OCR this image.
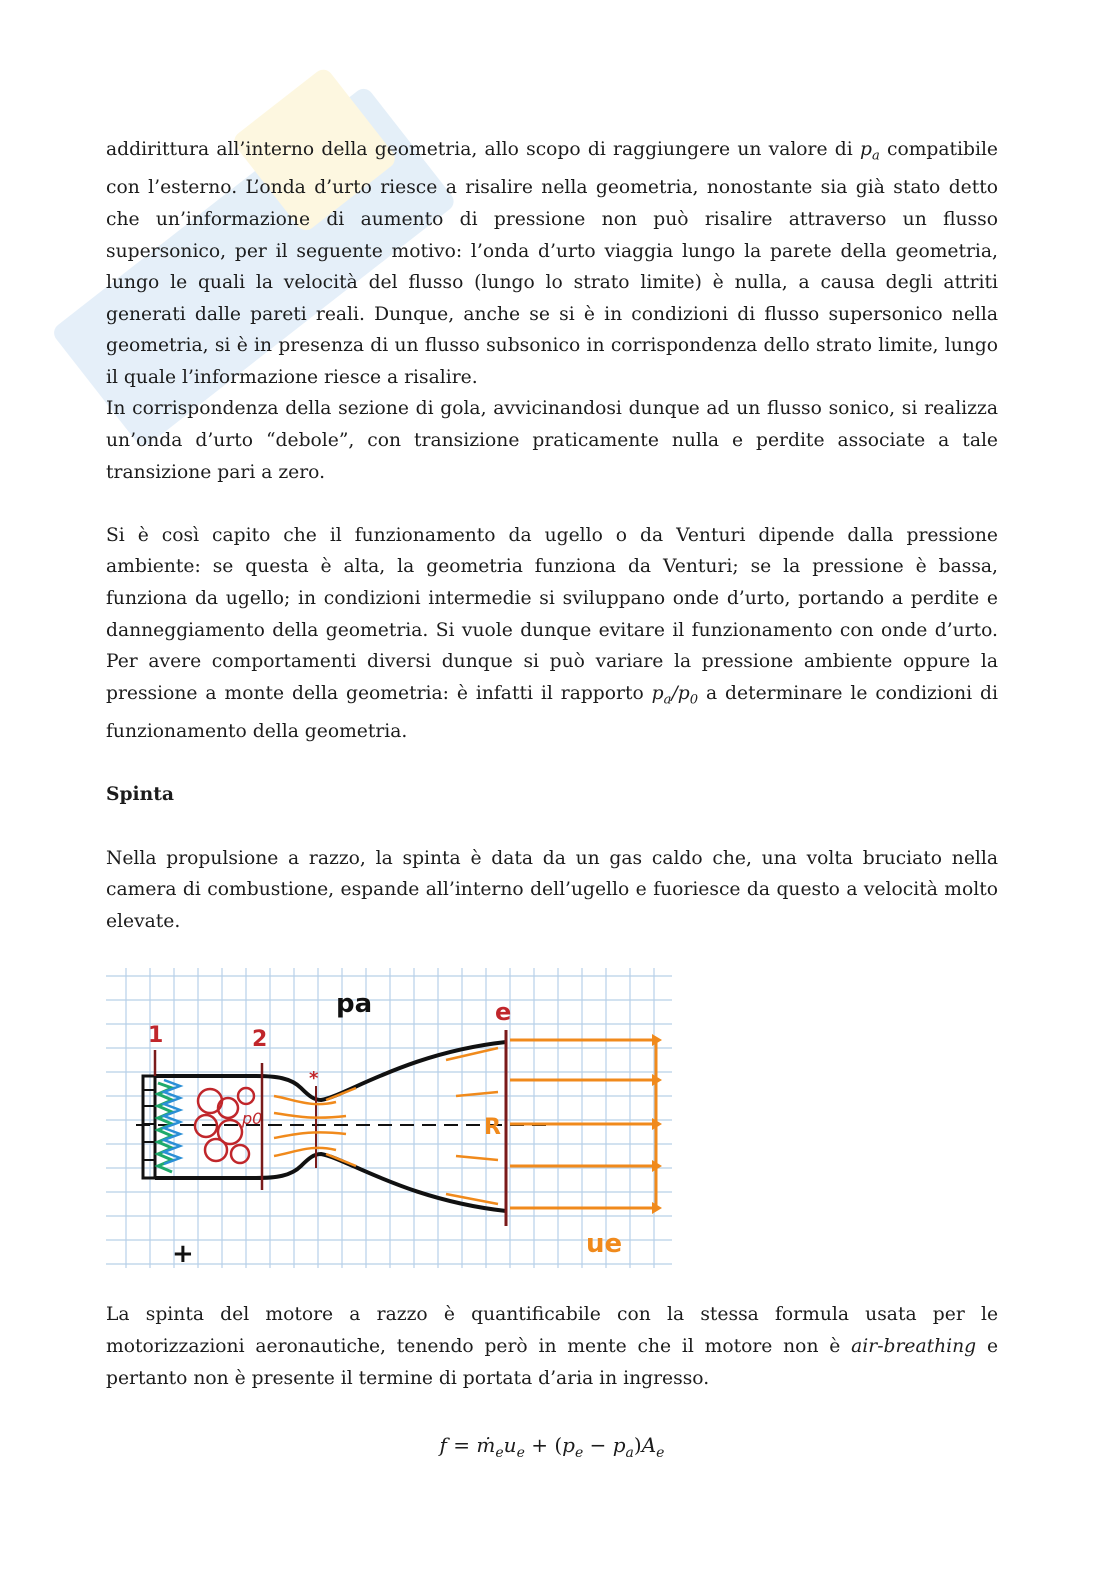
addirittura all’interno della geometria, allo scopo di raggiungere un valore di $p_a$ compatibile con l’esterno. L’onda d’urto riesce a risalire nella geometria, nonostante sia già stato detto che un’informazione di aumento di pressione non può risalire attraverso un flusso supersonico, per il seguente motivo: l’onda d’urto viaggia lungo la parete della geometria, lungo le quali la velocità del flusso (lungo lo strato limite) è nulla, a causa degli attriti generati dalle pareti reali. Dunque, anche se si è in condizioni di flusso supersonico nella geometria, si è in presenza di un flusso subsonico in corrispondenza dello strato limite, lungo il quale l’informazione riesce a risalire.

In corrispondenza della sezione di gola, avvicinandosi dunque ad un flusso sonico, si realizza un’onda d’urto “debole”, con transizione praticamente nulla e perdite associate a tale transizione pari a zero.

Si è così capito che il funzionamento da ugello o da Venturi dipende dalla pressione ambiente: se questa è alta, la geometria funziona da Venturi; se la pressione è bassa, funziona da ugello; in condizioni intermedie si sviluppano onde d’urto, portando a perdite e danneggiamento della geometria. Si vuole dunque evitare il funzionamento con onde d’urto. Per avere comportamenti diversi dunque si può variare la pressione ambiente oppure la pressione a monte della geometria: è infatti il rapporto $p_a/p_0$ a determinare le condizioni di funzionamento della geometria.

Spinta

Nella propulsione a razzo, la spinta è data da un gas caldo che, una volta bruciato nella camera di combustione, espande all’interno dell’ugello e fuoriesce da questo a velocità molto elevate.

p0
1	2
*
e
pa
R
ue
+

La spinta del motore a razzo è quantificabile con la stessa formula usata per le motorizzazioni aeronautiche, tenendo però in mente che il motore non è air-breathing e pertanto non è presente il termine di portata d’aria in ingresso.

$f = ṁ_eu_e + (p_e - p_a)A_e$
